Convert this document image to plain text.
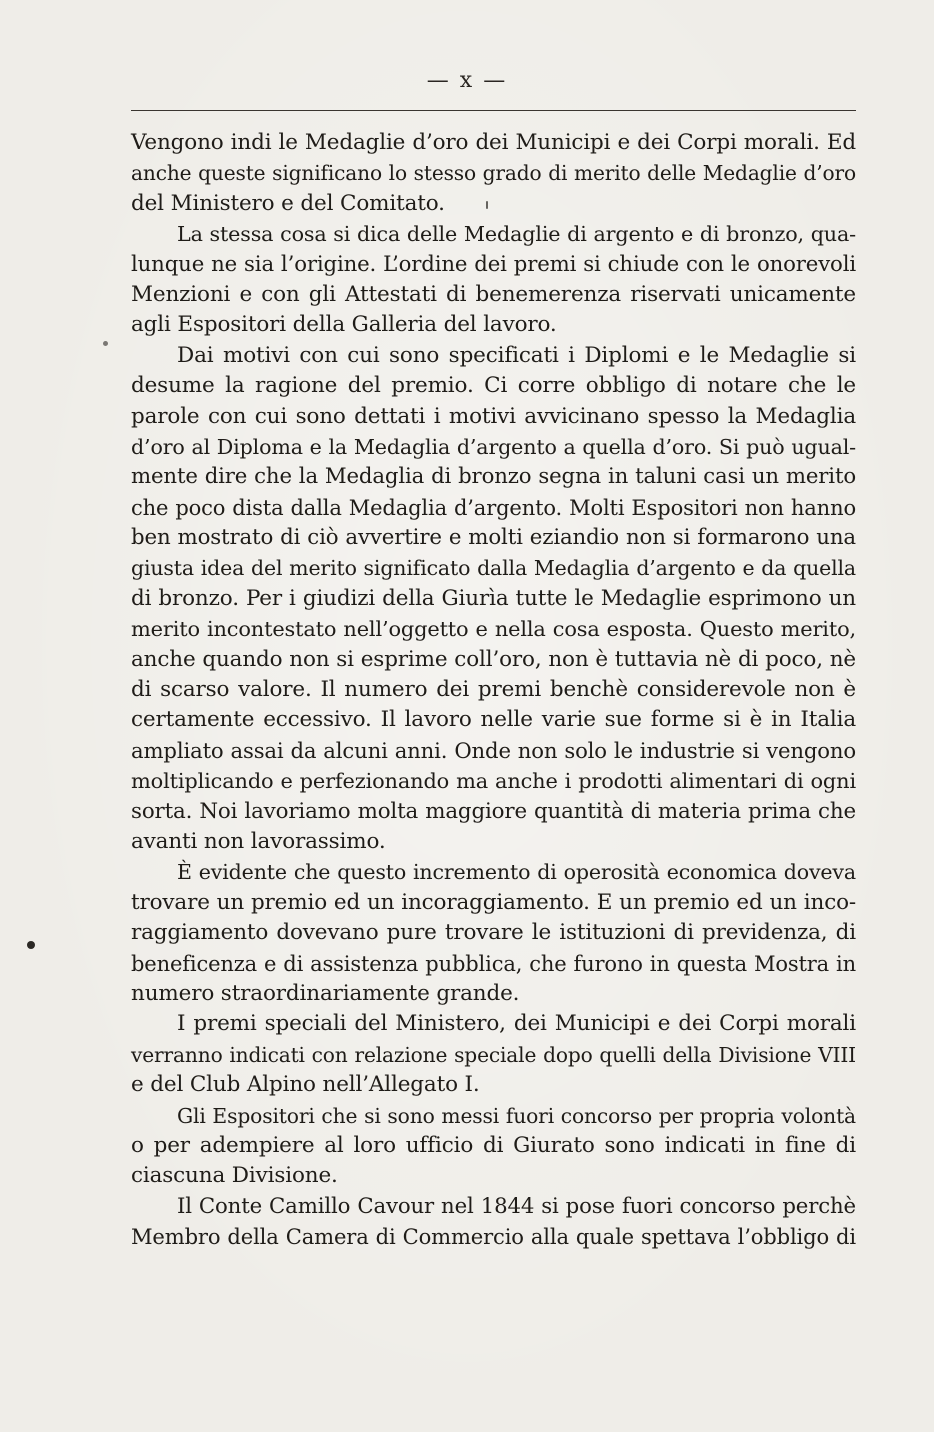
— x —
Vengono indi le Medaglie d’oro dei Municipi e dei Corpi morali. Ed
anche queste significano lo stesso grado di merito delle Medaglie d’oro
del Ministero e del Comitato.
La stessa cosa si dica delle Medaglie di argento e di bronzo, qua-
lunque ne sia l’origine. L’ordine dei premi si chiude con le onorevoli
Menzioni e con gli Attestati di benemerenza riservati unicamente
agli Espositori della Galleria del lavoro.
Dai motivi con cui sono specificati i Diplomi e le Medaglie si
desume la ragione del premio. Ci corre obbligo di notare che le
parole con cui sono dettati i motivi avvicinano spesso la Medaglia
d’oro al Diploma e la Medaglia d’argento a quella d’oro. Si può ugual-
mente dire che la Medaglia di bronzo segna in taluni casi un merito
che poco dista dalla Medaglia d’argento. Molti Espositori non hanno
ben mostrato di ciò avvertire e molti eziandio non si formarono una
giusta idea del merito significato dalla Medaglia d’argento e da quella
di bronzo. Per i giudizi della Giurìa tutte le Medaglie esprimono un
merito incontestato nell’oggetto e nella cosa esposta. Questo merito,
anche quando non si esprime coll’oro, non è tuttavia nè di poco, nè
di scarso valore. Il numero dei premi benchè considerevole non è
certamente eccessivo. Il lavoro nelle varie sue forme si è in Italia
ampliato assai da alcuni anni. Onde non solo le industrie si vengono
moltiplicando e perfezionando ma anche i prodotti alimentari di ogni
sorta. Noi lavoriamo molta maggiore quantità di materia prima che
avanti non lavorassimo.
È evidente che questo incremento di operosità economica doveva
trovare un premio ed un incoraggiamento. E un premio ed un inco-
raggiamento dovevano pure trovare le istituzioni di previdenza, di
beneficenza e di assistenza pubblica, che furono in questa Mostra in
numero straordinariamente grande.
I premi speciali del Ministero, dei Municipi e dei Corpi morali
verranno indicati con relazione speciale dopo quelli della Divisione VIII
e del Club Alpino nell’Allegato I.
Gli Espositori che si sono messi fuori concorso per propria volontà
o per adempiere al loro ufficio di Giurato sono indicati in fine di
ciascuna Divisione.
Il Conte Camillo Cavour nel 1844 si pose fuori concorso perchè
Membro della Camera di Commercio alla quale spettava l’obbligo di
